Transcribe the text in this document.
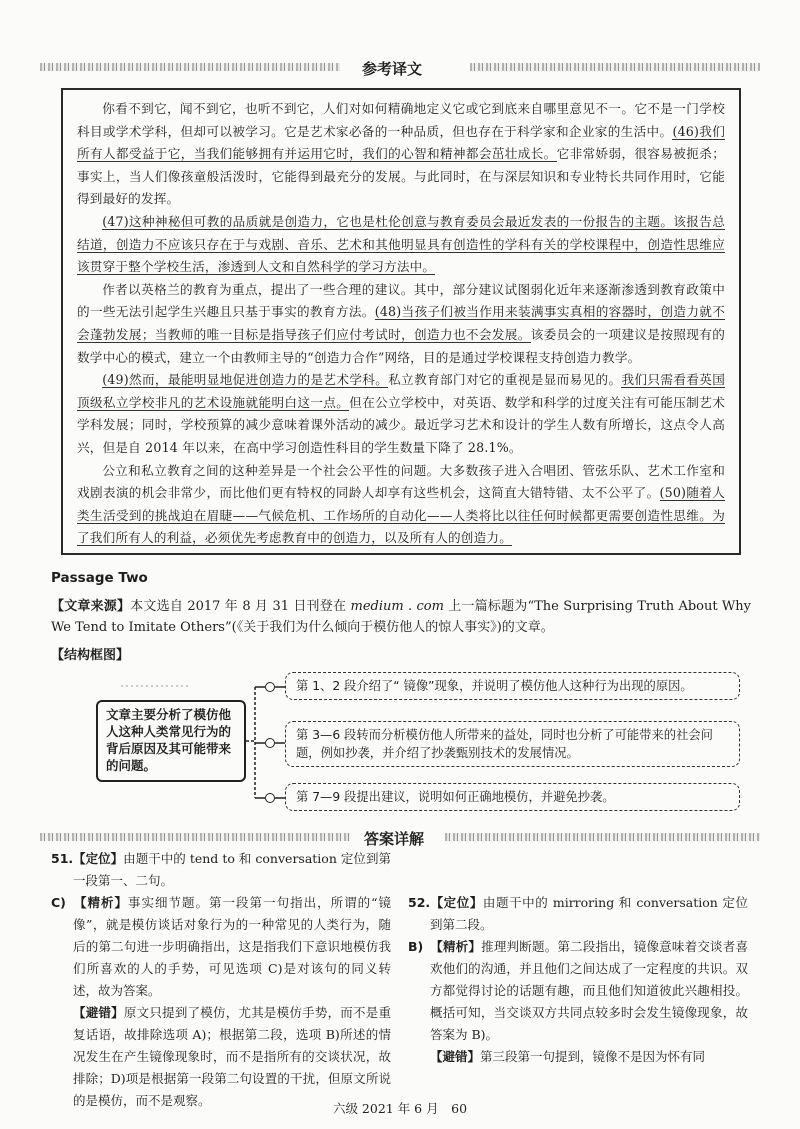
参考译文

你看不到它，闻不到它，也听不到它，人们对如何精确地定义它或它到底来自哪里意见不一。它不是一门学校科目或学术学科，但却可以被学习。它是艺术家必备的一种品质，但也存在于科学家和企业家的生活中。(46)我们所有人都受益于它，当我们能够拥有并运用它时，我们的心智和精神都会茁壮成长。它非常娇弱，很容易被扼杀；事实上，当人们像孩童般活泼时，它能得到最充分的发展。与此同时，在与深层知识和专业特长共同作用时，它能得到最好的发挥。

(47)这种神秘但可教的品质就是创造力，它也是杜伦创意与教育委员会最近发表的一份报告的主题。该报告总结道，创造力不应该只存在于与戏剧、音乐、艺术和其他明显具有创造性的学科有关的学校课程中，创造性思维应该贯穿于整个学校生活，渗透到人文和自然科学的学习方法中。

作者以英格兰的教育为重点，提出了一些合理的建议。其中，部分建议试图弱化近年来逐渐渗透到教育政策中的一些无法引起学生兴趣且只基于事实的教育方法。(48)当孩子们被当作用来装满事实真相的容器时，创造力就不会蓬勃发展；当教师的唯一目标是指导孩子们应付考试时，创造力也不会发展。该委员会的一项建议是按照现有的数学中心的模式，建立一个由教师主导的“创造力合作”网络，目的是通过学校课程支持创造力教学。

(49)然而，最能明显地促进创造力的是艺术学科。私立教育部门对它的重视是显而易见的。我们只需看看英国顶级私立学校非凡的艺术设施就能明白这一点。但在公立学校中，对英语、数学和科学的过度关注有可能压制艺术学科发展；同时，学校预算的减少意味着课外活动的减少。最近学习艺术和设计的学生人数有所增长，这点令人高兴，但是自 2014 年以来，在高中学习创造性科目的学生数量下降了 28.1%。

公立和私立教育之间的这种差异是一个社会公平性的问题。大多数孩子进入合唱团、管弦乐队、艺术工作室和戏剧表演的机会非常少，而比他们更有特权的同龄人却享有这些机会，这简直大错特错、太不公平了。(50)随着人类生活受到的挑战迫在眉睫——气候危机、工作场所的自动化——人类将比以往任何时候都更需要创造性思维。为了我们所有人的利益，必须优先考虑教育中的创造力，以及所有人的创造力。

Passage Two
【文章来源】本文选自 2017 年 8 月 31 日刊登在 medium . com 上一篇标题为“The Surprising Truth About Why We Tend to Imitate Others”(《关于我们为什么倾向于模仿他人的惊人事实》)的文章。
【结构框图】
文章主要分析了模仿他人这种人类常见行为的背后原因及其可能带来的问题。
第 1、2 段介绍了“ 镜像”现象，并说明了模仿他人这种行为出现的原因。
第 3—6 段转而分析模仿他人所带来的益处，同时也分析了可能带来的社会问题，例如抄袭，并介绍了抄袭甄别技术的发展情况。
第 7—9 段提出建议，说明如何正确地模仿，并避免抄袭。
答案详解

51.【定位】由题干中的 tend to 和 conversation 定位到第一段第一、二句。

C) 【精析】事实细节题。第一段第一句指出，所谓的“镜像”，就是模仿谈话对象行为的一种常见的人类行为，随后的第二句进一步明确指出，这是指我们下意识地模仿我们所喜欢的人的手势，可见选项 C)是对该句的同义转述，故为答案。

【避错】原文只提到了模仿，尤其是模仿手势，而不是重复话语，故排除选项 A)；根据第二段，选项 B)所述的情况发生在产生镜像现象时，而不是指所有的交谈状况，故排除；D)项是根据第一段第二句设置的干扰，但原文所说的是模仿，而不是观察。

52.【定位】由题干中的 mirroring 和 conversation 定位到第二段。

B) 【精析】推理判断题。第二段指出，镜像意味着交谈者喜欢他们的沟通，并且他们之间达成了一定程度的共识。双方都觉得讨论的话题有趣，而且他们知道彼此兴趣相投。概括可知，当交谈双方共同点较多时会发生镜像现象，故答案为 B)。

【避错】第三段第一句提到，镜像不是因为怀有同

六级 2021 年 6 月　60
